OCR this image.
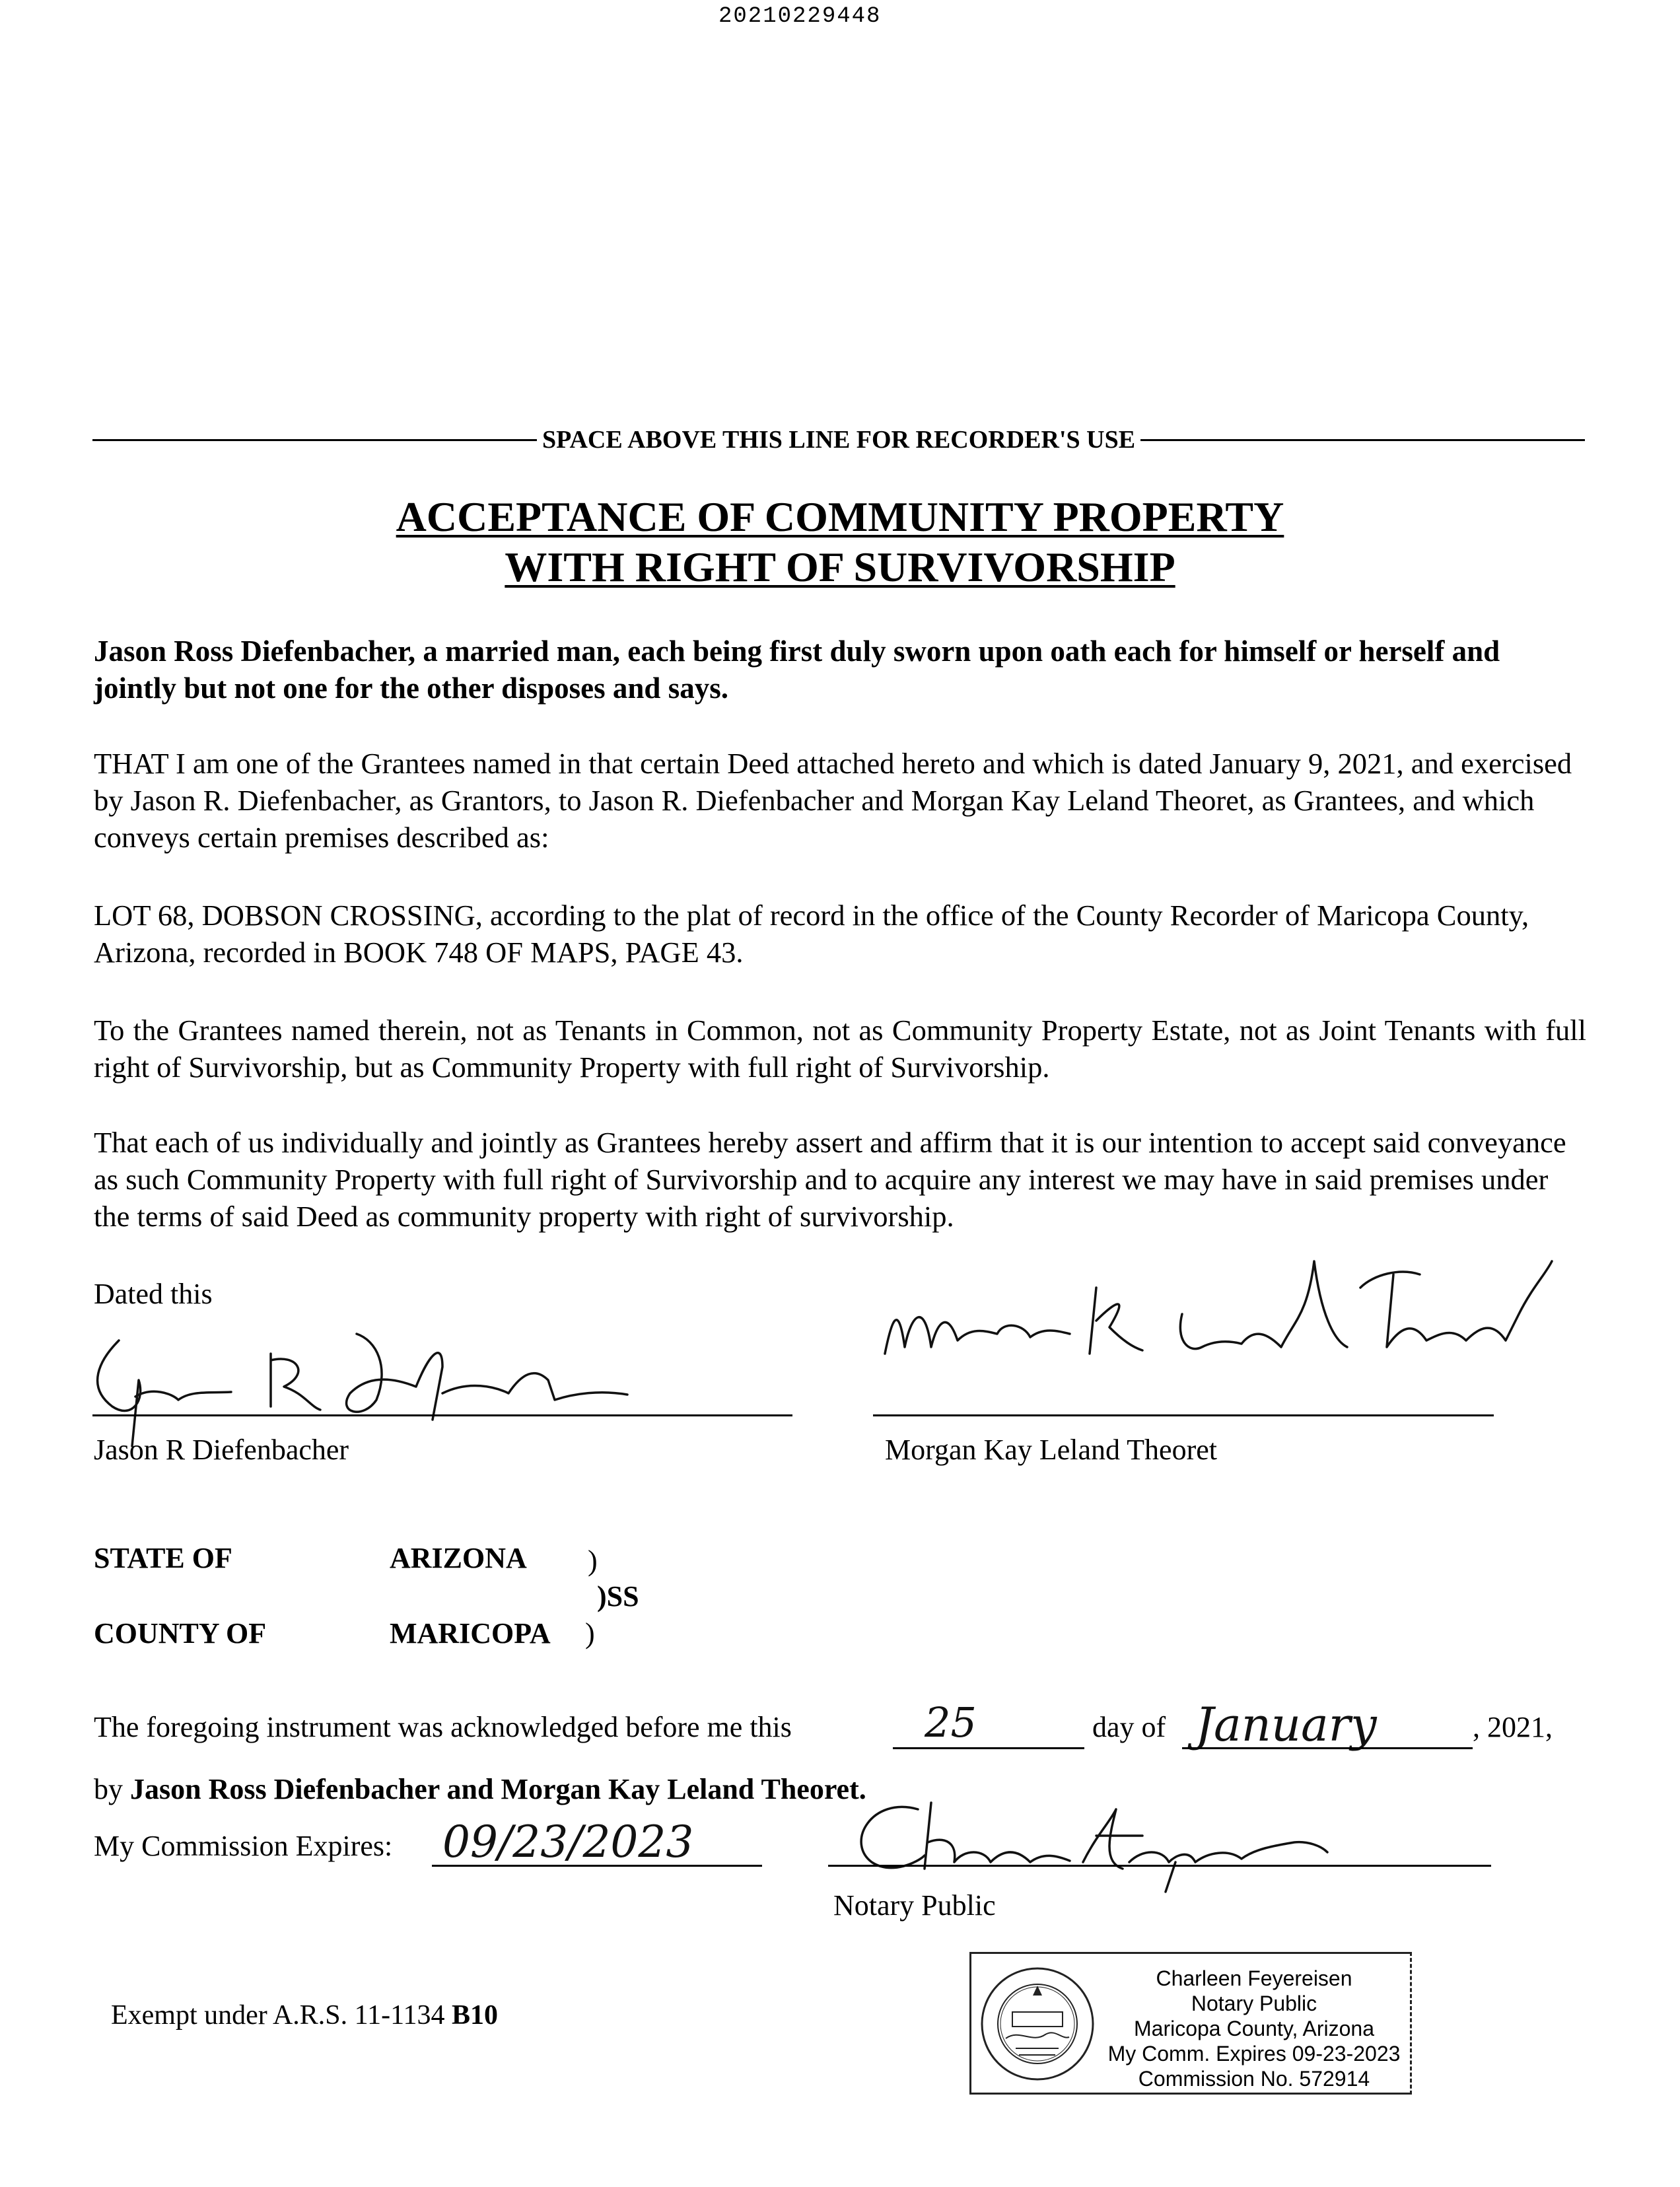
20210229448
SPACE ABOVE THIS LINE FOR RECORDER'S USE
ACCEPTANCE OF COMMUNITY PROPERTY
WITH RIGHT OF SURVIVORSHIP
Jason Ross Diefenbacher, a married man, each being first duly sworn upon oath each for himself or herself and jointly but not one for the other disposes and says.
THAT I am one of the Grantees named in that certain Deed attached hereto and which is dated January 9, 2021, and exercised by Jason R. Diefenbacher, as Grantors, to Jason R. Diefenbacher and Morgan Kay Leland Theoret, as Grantees, and which conveys certain premises described as:
LOT 68, DOBSON CROSSING, according to the plat of record in the office of the County Recorder of Maricopa County, Arizona, recorded in BOOK 748 OF MAPS, PAGE 43.
To the Grantees named therein, not as Tenants in Common, not as Community Property Estate, not as Joint Tenants with full right of Survivorship, but as Community Property with full right of Survivorship.
That each of us individually and jointly as Grantees hereby assert and affirm that it is our intention to accept said conveyance as such Community Property with full right of Survivorship and to acquire any interest we may have in said premises under the terms of said Deed as community property with right of survivorship.
Dated this
Jason R Diefenbacher	Morgan Kay Leland Theoret
STATE OF	ARIZONA )
)SS
COUNTY OF	MARICOPA )
The foregoing instrument was acknowledged before me this	25	day of January	, 2021,
by Jason Ross Diefenbacher and Morgan Kay Leland Theoret.
My Commission Expires: 09/23/2023
Notary Public
Exempt under A.R.S. 11-1134 B10
Charleen Feyereisen
Notary Public
Maricopa County, Arizona
My Comm. Expires 09-23-2023
Commission No. 572914
